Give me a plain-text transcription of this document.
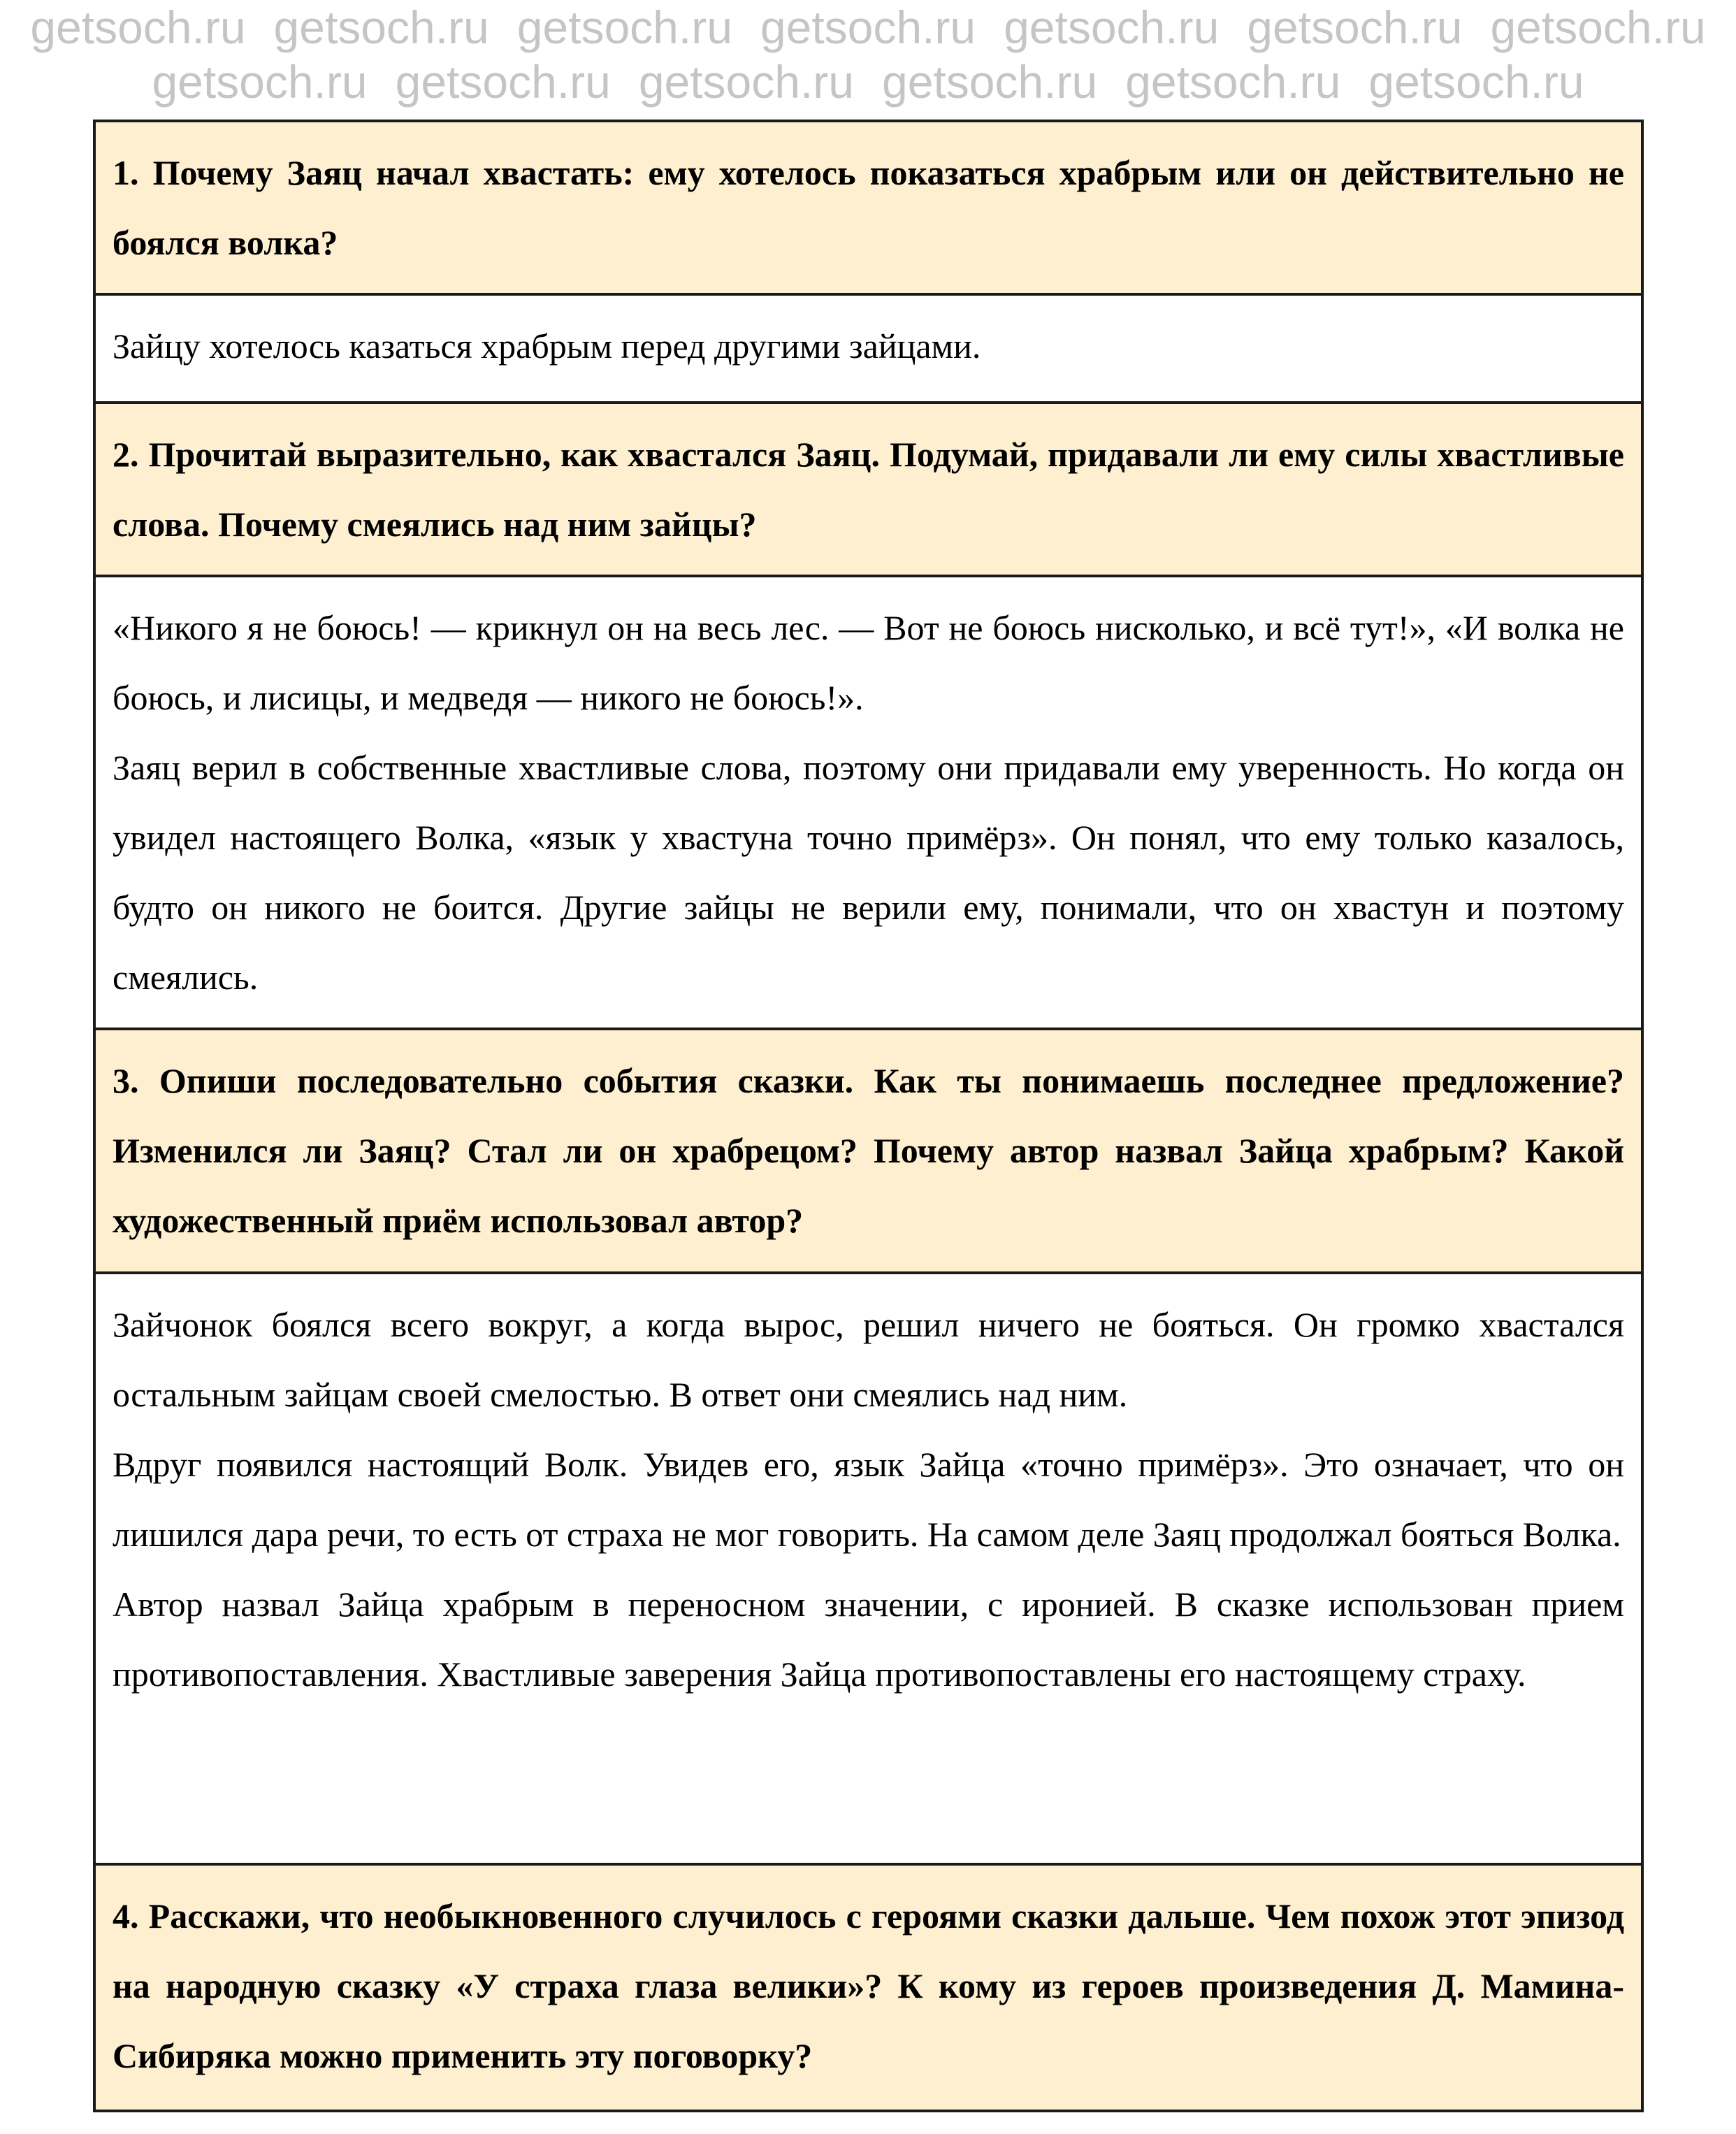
getsoch.ru getsoch.ru getsoch.ru getsoch.ru getsoch.ru getsoch.ru getsoch.ru
getsoch.ru getsoch.ru getsoch.ru getsoch.ru getsoch.ru getsoch.ru
1. Почему Заяц начал хвастать: ему хотелось показаться храбрым или он действительно не боялся волка?

Зайцу хотелось казаться храбрым перед другими зайцами.

2. Прочитай выразительно, как хвастался Заяц. Подумай, придавали ли ему силы хвастливые слова. Почему смеялись над ним зайцы?

«Никого я не боюсь! — крикнул он на весь лес. — Вот не боюсь нисколько, и всё тут!», «И волка не боюсь, и лисицы, и медведя — никого не боюсь!».

Заяц верил в собственные хвастливые слова, поэтому они придавали ему уверенность. Но когда он увидел настоящего Волка, «язык у хвастуна точно примёрз». Он понял, что ему только казалось, будто он никого не боится. Другие зайцы не верили ему, понимали, что он хвастун и поэтому смеялись.

3. Опиши последовательно события сказки. Как ты понимаешь последнее предложение? Изменился ли Заяц? Стал ли он храбрецом? Почему автор назвал Зайца храбрым? Какой художественный приём использовал автор?

Зайчонок боялся всего вокруг, а когда вырос, решил ничего не бояться. Он громко хвастался остальным зайцам своей смелостью. В ответ они смеялись над ним.

Вдруг появился настоящий Волк. Увидев его, язык Зайца «точно примёрз». Это означает, что он лишился дара речи, то есть от страха не мог говорить. На самом деле Заяц продолжал бояться Волка.

Автор назвал Зайца храбрым в переносном значении, с иронией. В сказке использован прием противопоставления. Хвастливые заверения Зайца противопоставлены его настоящему страху.

4. Расскажи, что необыкновенного случилось с героями сказки дальше. Чем похож этот эпизод на народную сказку «У страха глаза велики»? К кому из героев произведения Д. Мамина-Сибиряка можно применить эту поговорку?
